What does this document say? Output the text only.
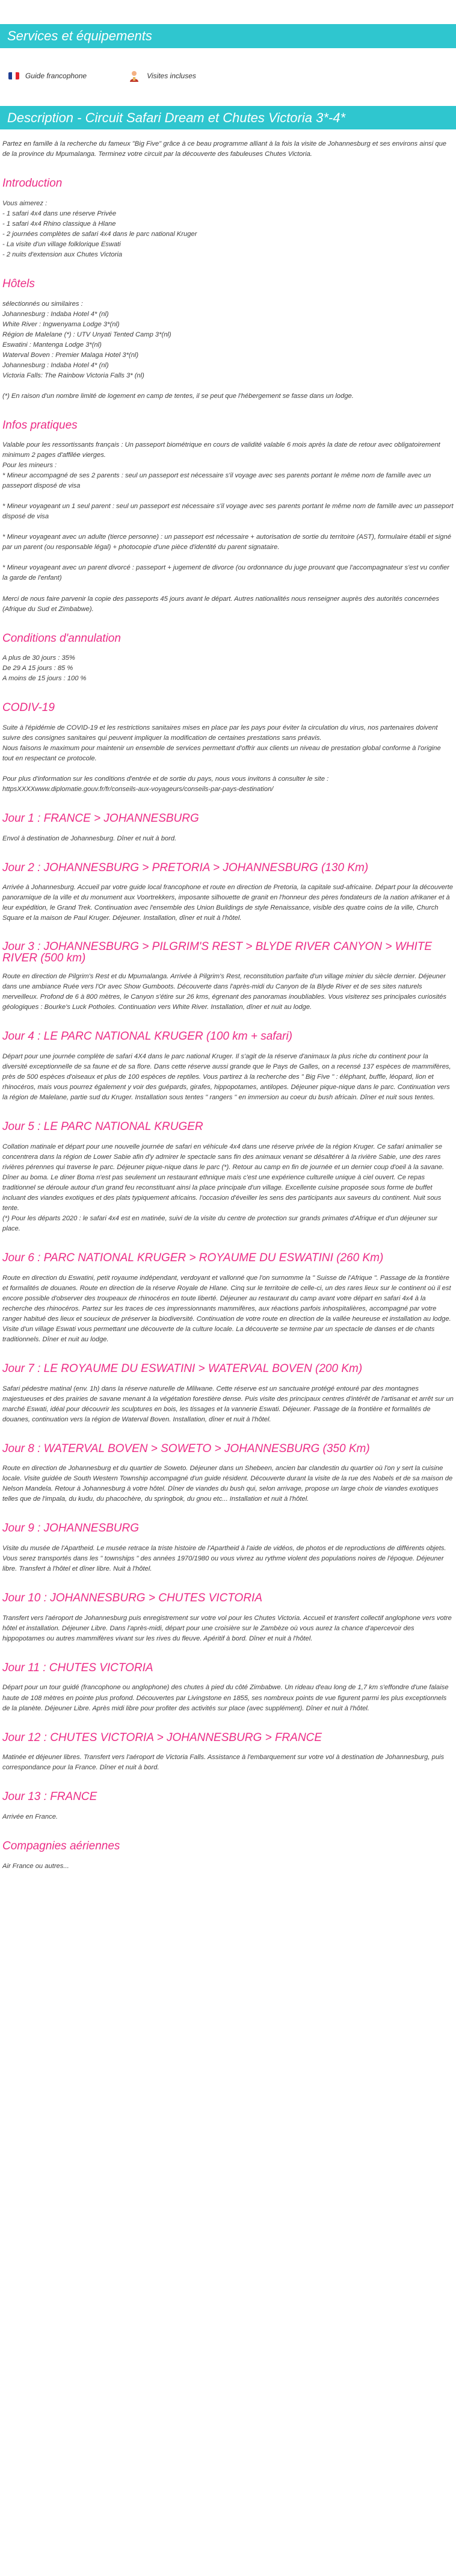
Services et équipements
Guide francophone	Visites incluses
Description - Circuit Safari Dream et Chutes Victoria 3*-4*

Partez en famille à la recherche du fameux "Big Five" grâce à ce beau programme alliant à la fois la visite de Johannesburg et ses environs ainsi que de la province du Mpumalanga. Terminez votre circuit par la découverte des fabuleuses Chutes Victoria.

Introduction
Vous aimerez :
- 1 safari 4x4 dans une réserve Privée
- 1 safari 4x4 Rhino classique à Hlane
- 2 journées complètes de safari 4x4 dans le parc national Kruger
- La visite d'un village folklorique Eswati
- 2 nuits d'extension aux Chutes Victoria
Hôtels
sélectionnés ou similaires :
Johannesburg : Indaba Hotel 4* (nl)
White River : Ingwenyama Lodge 3*(nl)
Région de Malelane (*) : UTV Unyati Tented Camp 3*(nl)
Eswatini : Mantenga Lodge 3*(nl)
Waterval Boven : Premier Malaga Hotel 3*(nl)
Johannesburg : Indaba Hotel 4* (nl)
Victoria Falls: The Rainbow Victoria Falls 3* (nl)

(*) En raison d'un nombre limité de logement en camp de tentes, il se peut que l'hébergement se fasse dans un lodge.

Infos pratiques

Valable pour les ressortissants français : Un passeport biométrique en cours de validité valable 6 mois après la date de retour avec obligatoirement minimum 2 pages d'affilée vierges.

Pour les mineurs :

* Mineur accompagné de ses 2 parents : seul un passeport est nécessaire s'il voyage avec ses parents portant le même nom de famille avec un passeport disposé de visa

* Mineur voyageant un 1 seul parent : seul un passeport est nécessaire s'il voyage avec ses parents portant le même nom de famille avec un passeport disposé de visa

* Mineur voyageant avec un adulte (tierce personne) : un passeport est nécessaire + autorisation de sortie du territoire (AST), formulaire établi et signé par un parent (ou responsable légal) + photocopie d'une pièce d'identité du parent signataire.

* Mineur voyageant avec un parent divorcé : passeport + jugement de divorce (ou ordonnance du juge prouvant que l'accompagnateur s'est vu confier la garde de l'enfant)

Merci de nous faire parvenir la copie des passeports 45 jours avant le départ. Autres nationalités nous renseigner auprès des autorités concernées (Afrique du Sud et Zimbabwe).

Conditions d'annulation
A plus de 30 jours : 35%
De 29 A 15 jours : 85 %
A moins de 15 jours : 100 %
CODIV-19

Suite à l'épidémie de COVID-19 et les restrictions sanitaires mises en place par les pays pour éviter la circulation du virus, nos partenaires doivent suivre des consignes sanitaires qui peuvent impliquer la modification de certaines prestations sans préavis.

Nous faisons le maximum pour maintenir un ensemble de services permettant d'offrir aux clients un niveau de prestation global conforme à l'origine tout en respectant ce protocole.

Pour plus d'information sur les conditions d'entrée et de sortie du pays, nous vous invitons à consulter le site :

httpsXXXXwww.diplomatie.gouv.fr/fr/conseils-aux-voyageurs/conseils-par-pays-destination/
Jour 1 : FRANCE > JOHANNESBURG

Envol à destination de Johannesburg. Dîner et nuit à bord.

Jour 2 : JOHANNESBURG > PRETORIA > JOHANNESBURG (130 Km)

Arrivée à Johannesburg. Accueil par votre guide local francophone et route en direction de Pretoria, la capitale sud-africaine. Départ pour la découverte panoramique de la ville et du monument aux Voortrekkers, imposante silhouette de granit en l'honneur des pères fondateurs de la nation afrikaner et à leur expédition, le Grand Trek. Continuation avec l'ensemble des Union Buildings de style Renaissance, visible des quatre coins de la ville, Church Square et la maison de Paul Kruger. Déjeuner. Installation, dîner et nuit à l'hôtel.

Jour 3 : JOHANNESBURG > PILGRIM'S REST > BLYDE RIVER CANYON > WHITE RIVER (500 km)

Route en direction de Pilgrim's Rest et du Mpumalanga. Arrivée à Pilgrim's Rest, reconstitution parfaite d'un village minier du siècle dernier. Déjeuner dans une ambiance Ruée vers l'Or avec Show Gumboots. Découverte dans l'après-midi du Canyon de la Blyde River et de ses sites naturels merveilleux. Profond de 6 à 800 mètres, le Canyon s'étire sur 26 kms, égrenant des panoramas inoubliables. Vous visiterez ses principales curiosités géologiques : Bourke's Luck Potholes. Continuation vers White River. Installation, dîner et nuit au lodge.

Jour 4 : LE PARC NATIONAL KRUGER (100 km + safari)

Départ pour une journée complète de safari 4X4 dans le parc national Kruger. Il s'agit de la réserve d'animaux la plus riche du continent pour la diversité exceptionnelle de sa faune et de sa flore. Dans cette réserve aussi grande que le Pays de Galles, on a recensé 137 espèces de mammifères, près de 500 espèces d'oiseaux et plus de 100 espèces de reptiles. Vous partirez à la recherche des " Big Five " : éléphant, buffle, léopard, lion et rhinocéros, mais vous pourrez également y voir des guépards, girafes, hippopotames, antilopes. Déjeuner pique-nique dans le parc. Continuation vers la région de Malelane, partie sud du Kruger. Installation sous tentes " rangers " en immersion au coeur du bush africain. Dîner et nuit sous tentes.

Jour 5 : LE PARC NATIONAL KRUGER

Collation matinale et départ pour une nouvelle journée de safari en véhicule 4x4 dans une réserve privée de la région Kruger. Ce safari animalier se concentrera dans la région de Lower Sabie afin d'y admirer le spectacle sans fin des animaux venant se désaltérer à la rivière Sabie, une des rares rivières pérennes qui traverse le parc. Déjeuner pique-nique dans le parc (*). Retour au camp en fin de journée et un dernier coup d'oeil à la savane. Dîner au boma. Le diner Boma n'est pas seulement un restaurant ethnique mais c'est une expérience culturelle unique à ciel ouvert. Ce repas traditionnel se déroule autour d'un grand feu reconstituant ainsi la place principale d'un village. Excellente cuisine proposée sous forme de buffet incluant des viandes exotiques et des plats typiquement africains. l'occasion d'éveiller les sens des participants aux saveurs du continent. Nuit sous tente.

(*) Pour les départs 2020 : le safari 4x4 est en matinée, suivi de la visite du centre de protection sur grands primates d'Afrique et d'un déjeuner sur place.

Jour 6 : PARC NATIONAL KRUGER > ROYAUME DU ESWATINI (260 Km)

Route en direction du Eswatini, petit royaume indépendant, verdoyant et vallonné que l'on surnomme la " Suisse de l'Afrique ". Passage de la frontière et formalités de douanes. Route en direction de la réserve Royale de Hlane. Cinq sur le territoire de celle-ci, un des rares lieux sur le continent où il est encore possible d'observer des troupeaux de rhinocéros en toute liberté. Déjeuner au restaurant du camp avant votre départ en safari 4x4 à la recherche des rhinocéros. Partez sur les traces de ces impressionnants mammifères, aux réactions parfois inhospitalières, accompagné par votre ranger habitué des lieux et soucieux de préserver la biodiversité. Continuation de votre route en direction de la vallée heureuse et installation au lodge. Visite d'un village Eswati vous permettant une découverte de la culture locale. La découverte se termine par un spectacle de danses et de chants traditionnels. Dîner et nuit au lodge.

Jour 7 : LE ROYAUME DU ESWATINI > WATERVAL BOVEN (200 Km)

Safari pédestre matinal (env. 1h) dans la réserve naturelle de Mlilwane. Cette réserve est un sanctuaire protégé entouré par des montagnes majestueuses et des prairies de savane menant à la végétation forestière dense. Puis visite des principaux centres d'intérêt de l'artisanat et arrêt sur un marché Eswati, idéal pour découvrir les sculptures en bois, les tissages et la vannerie Eswati. Déjeuner. Passage de la frontière et formalités de douanes, continuation vers la région de Waterval Boven. Installation, dîner et nuit à l'hôtel.

Jour 8 : WATERVAL BOVEN > SOWETO > JOHANNESBURG (350 Km)

Route en direction de Johannesburg et du quartier de Soweto. Déjeuner dans un Shebeen, ancien bar clandestin du quartier où l'on y sert la cuisine locale. Visite guidée de South Western Township accompagné d'un guide résident. Découverte durant la visite de la rue des Nobels et de sa maison de Nelson Mandela. Retour à Johannesburg à votre hôtel. Dîner de viandes du bush qui, selon arrivage, propose un large choix de viandes exotiques telles que de l'impala, du kudu, du phacochère, du springbok, du gnou etc... Installation et nuit à l'hôtel.

Jour 9 : JOHANNESBURG

Visite du musée de l'Apartheid. Le musée retrace la triste histoire de l'Apartheid à l'aide de vidéos, de photos et de reproductions de différents objets. Vous serez transportés dans les " townships " des années 1970/1980 ou vous vivrez au rythme violent des populations noires de l'époque. Déjeuner libre. Transfert à l'hôtel et dîner libre. Nuit à l'hôtel.

Jour 10 : JOHANNESBURG > CHUTES VICTORIA

Transfert vers l'aéroport de Johannesburg puis enregistrement sur votre vol pour les Chutes Victoria. Accueil et transfert collectif anglophone vers votre hôtel et installation. Déjeuner Libre. Dans l'après-midi, départ pour une croisière sur le Zambèze où vous aurez la chance d'apercevoir des hippopotames ou autres mammifères vivant sur les rives du fleuve. Apéritif à bord. Dîner et nuit à l'hôtel.

Jour 11 : CHUTES VICTORIA

Départ pour un tour guidé (francophone ou anglophone) des chutes à pied du côté Zimbabwe. Un rideau d'eau long de 1,7 km s'effondre d'une falaise haute de 108 mètres en pointe plus profond. Découvertes par Livingstone en 1855, ses nombreux points de vue figurent parmi les plus exceptionnels de la planète. Déjeuner Libre. Après midi libre pour profiter des activités sur place (avec supplément). Dîner et nuit à l'hôtel.

Jour 12 : CHUTES VICTORIA > JOHANNESBURG > FRANCE

Matinée et déjeuner libres. Transfert vers l'aéroport de Victoria Falls. Assistance à l'embarquement sur votre vol à destination de Johannesburg, puis correspondance pour la France. Dîner et nuit à bord.

Jour 13 : FRANCE

Arrivée en France.

Compagnies aériennes

Air France ou autres...
